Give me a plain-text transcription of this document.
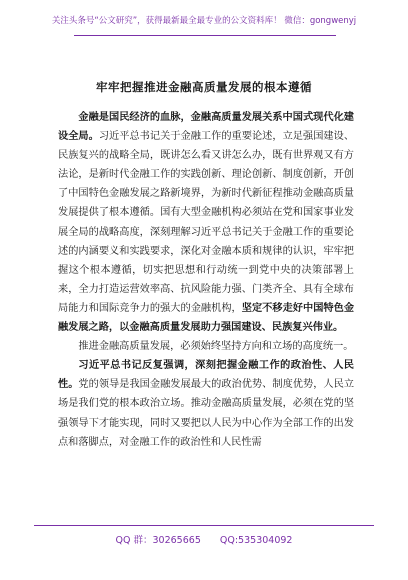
关注头条号“公文研究”，获得最新最全最专业的公文资料库！ 微信：gongwenyj
牢牢把握推进金融高质量发展的根本遵循

金融是国民经济的血脉，金融高质量发展关系中国式现代化建设全局。习近平总书记关于金融工作的重要论述，立足强国建设、民族复兴的战略全局，既讲怎么看又讲怎么办，既有世界观又有方法论，是新时代金融工作的实践创新、理论创新、制度创新，开创了中国特色金融发展之路新境界，为新时代新征程推动金融高质量发展提供了根本遵循。国有大型金融机构必须站在党和国家事业发展全局的战略高度，深刻理解习近平总书记关于金融工作的重要论述的内涵要义和实践要求，深化对金融本质和规律的认识，牢牢把握这个根本遵循，切实把思想和行动统一到党中央的决策部署上来，全力打造运营效率高、抗风险能力强、门类齐全、具有全球布局能力和国际竞争力的强大的金融机构，坚定不移走好中国特色金融发展之路，以金融高质量发展助力强国建设、民族复兴伟业。

推进金融高质量发展，必须始终坚持方向和立场的高度统一。

习近平总书记反复强调，深刻把握金融工作的政治性、人民性。党的领导是我国金融发展最大的政治优势、制度优势，人民立场是我们党的根本政治立场。推动金融高质量发展，必须在党的坚强领导下才能实现，同时又要把以人民为中心作为全部工作的出发点和落脚点，对金融工作的政治性和人民性需

QQ 群：30265665 QQ:535304092
